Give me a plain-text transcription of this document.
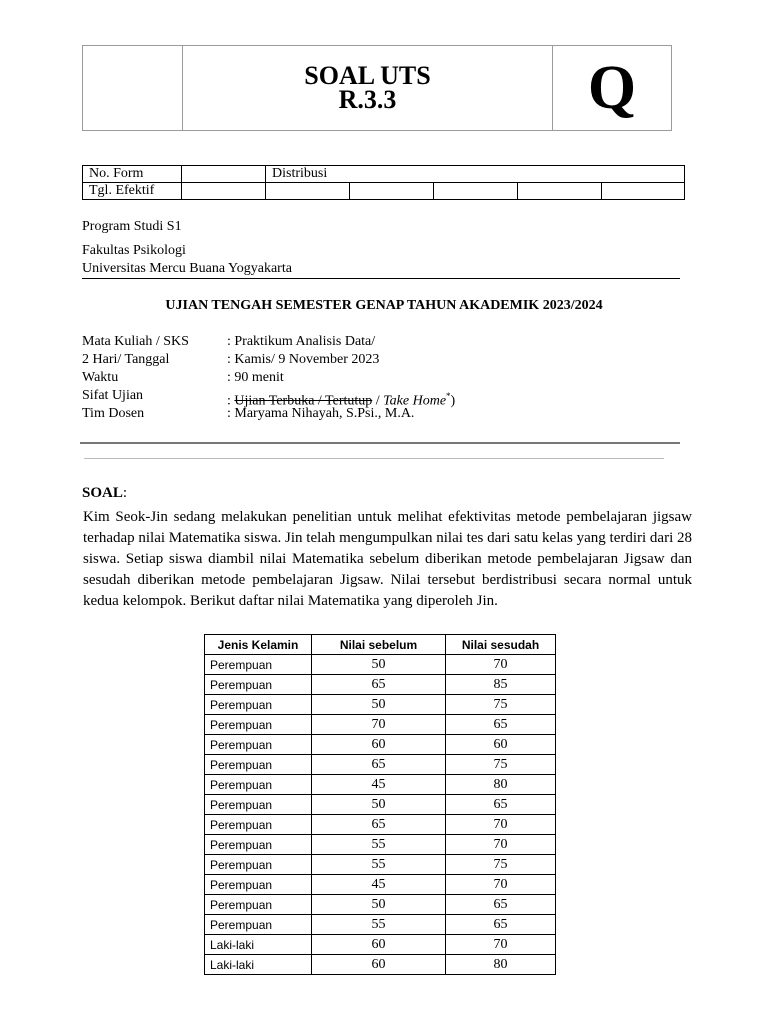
SOAL UTS
R.3.3	Q
No. Form		Distribusi				
Tgl. Efektif						
Program Studi S1
Fakultas Psikologi
Universitas Mercu Buana Yogyakarta
UJIAN TENGAH SEMESTER GENAP TAHUN AKADEMIK 2023/2024
Mata Kuliah / SKS	: Praktikum Analisis Data/
2 Hari/ Tanggal	: Kamis/ 9 November 2023
Waktu	: 90 menit
Sifat Ujian	: Ujian Terbuka / Tertutup / Take Home*)
Tim Dosen	: Maryama Nihayah, S.Psi., M.A.
SOAL:
Kim Seok-Jin sedang melakukan penelitian untuk melihat efektivitas metode pembelajaran jigsaw terhadap nilai Matematika siswa. Jin telah mengumpulkan nilai tes dari satu kelas yang terdiri dari 28 siswa. Setiap siswa diambil nilai Matematika sebelum diberikan metode pembelajaran Jigsaw dan sesudah diberikan metode pembelajaran Jigsaw. Nilai tersebut berdistribusi secara normal untuk kedua kelompok. Berikut daftar nilai Matematika yang diperoleh Jin.
Jenis Kelamin	Nilai sebelum	Nilai sesudah
Perempuan	50	70
Perempuan	65	85
Perempuan	50	75
Perempuan	70	65
Perempuan	60	60
Perempuan	65	75
Perempuan	45	80
Perempuan	50	65
Perempuan	65	70
Perempuan	55	70
Perempuan	55	75
Perempuan	45	70
Perempuan	50	65
Perempuan	55	65
Laki-laki	60	70
Laki-laki	60	80
